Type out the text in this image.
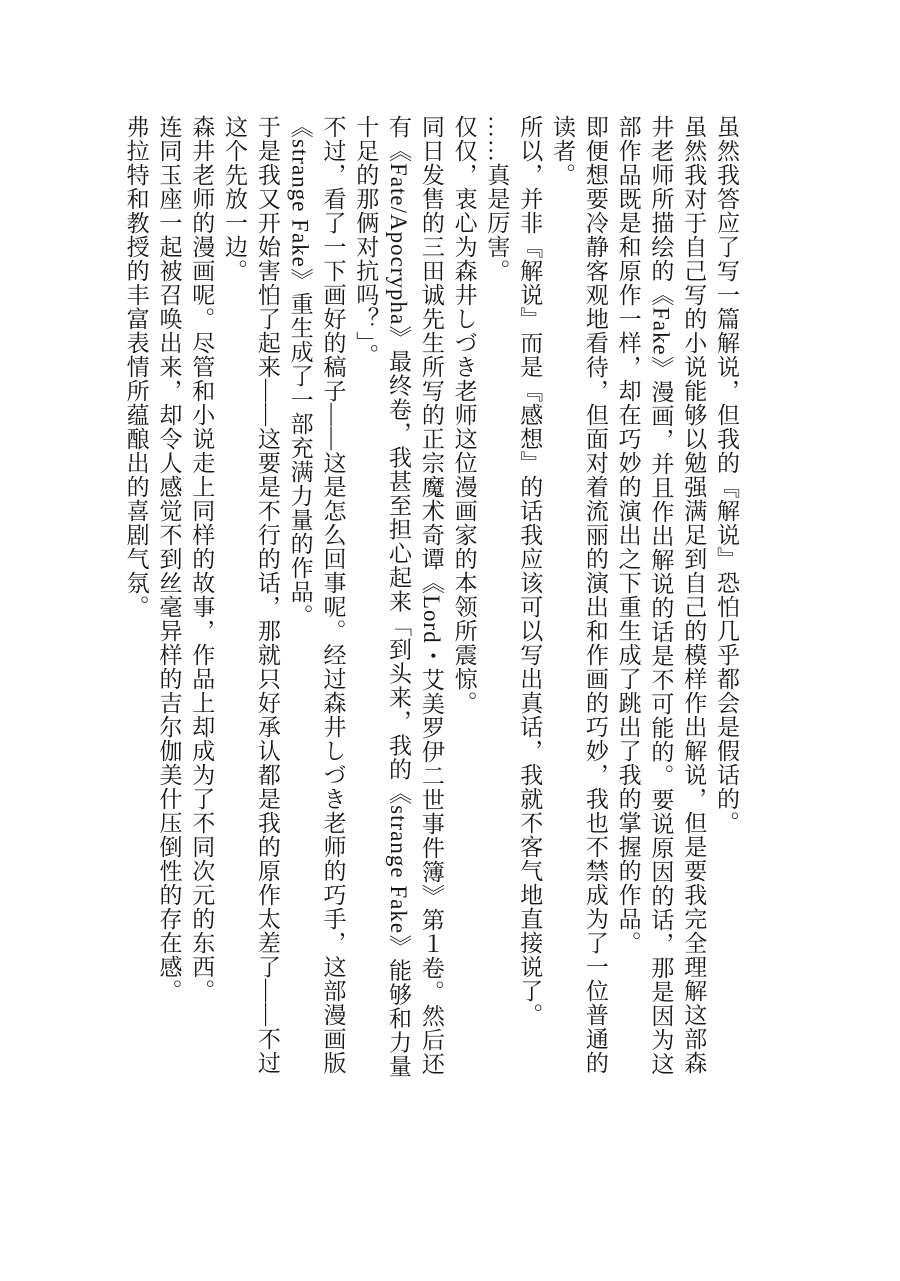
虽然我答应了写一篇解说，但我的『解说』恐怕几乎都会是假话的。

虽然我对于自己写的小说能够以勉强满足到自己的模样作出解说，但是要我完全理解这部森井老师所描绘的《Fake》漫画，并且作出解说的话是不可能的。要说原因的话，那是因为这部作品既是和原作一样，却在巧妙的演出之下重生成了跳出了我的掌握的作品。

即便想要冷静客观地看待，但面对着流丽的演出和作画的巧妙，我也不禁成为了一位普通的读者。

所以，并非『解说』而是『感想』的话我应该可以写出真话，我就不客气地直接说了。

……真是厉害。

仅仅，衷心为森井しづき老师这位漫画家的本领所震惊。

同日发售的三田诚先生所写的正宗魔术奇谭《Lord・艾美罗伊二世事件簿》第１卷。然后还有《Fate/Apocrypha》最终卷，我甚至担心起来「到头来，我的《strange Fake》能够和力量十足的那俩对抗吗？」。

不过，看了一下画好的稿子——这是怎么回事呢。经过森井しづき老师的巧手，这部漫画版《strange Fake》重生成了一部充满力量的作品。

于是我又开始害怕了起来——这要是不行的话，那就只好承认都是我的原作太差了——不过这个先放一边。

森井老师的漫画呢。尽管和小说走上同样的故事，作品上却成为了不同次元的东西。

连同玉座一起被召唤出来，却令人感觉不到丝毫异样的吉尔伽美什压倒性的存在感。

弗拉特和教授的丰富表情所蕴酿出的喜剧气氛。
